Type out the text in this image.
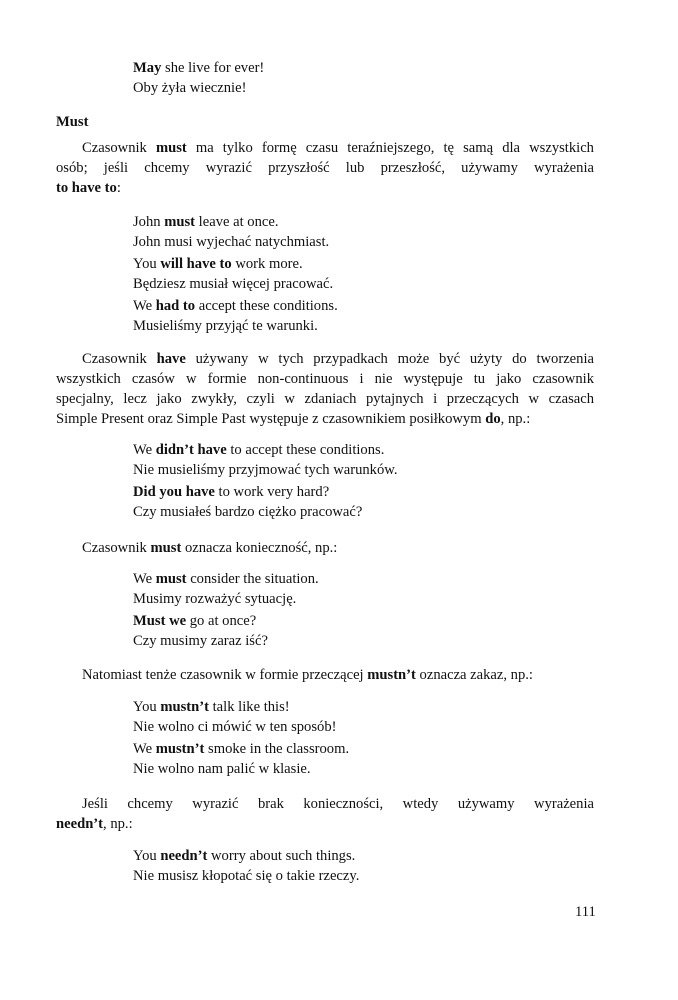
May she live for ever!
Oby żyła wiecznie!
Must
Czasownik must ma tylko formę czasu teraźniejszego, tę samą dla wszystkich
osób; jeśli chcemy wyrazić przyszłość lub przeszłość, używamy wyrażenia
to have to:
John must leave at once.
John musi wyjechać natychmiast.
You will have to work more.
Będziesz musiał więcej pracować.
We had to accept these conditions.
Musieliśmy przyjąć te warunki.
Czasownik have używany w tych przypadkach może być użyty do tworzenia
wszystkich czasów w formie non-continuous i nie występuje tu jako czasownik
specjalny, lecz jako zwykły, czyli w zdaniach pytajnych i przeczących w czasach
Simple Present oraz Simple Past występuje z czasownikiem posiłkowym do, np.:
We didn’t have to accept these conditions.
Nie musieliśmy przyjmować tych warunków.
Did you have to work very hard?
Czy musiałeś bardzo ciężko pracować?
Czasownik must oznacza konieczność, np.:
We must consider the situation.
Musimy rozważyć sytuację.
Must we go at once?
Czy musimy zaraz iść?
Natomiast tenże czasownik w formie przeczącej mustn’t oznacza zakaz, np.:
You mustn’t talk like this!
Nie wolno ci mówić w ten sposób!
We mustn’t smoke in the classroom.
Nie wolno nam palić w klasie.
Jeśli chcemy wyrazić brak konieczności, wtedy używamy wyrażenia
needn’t, np.:
You needn’t worry about such things.
Nie musisz kłopotać się o takie rzeczy.
111
